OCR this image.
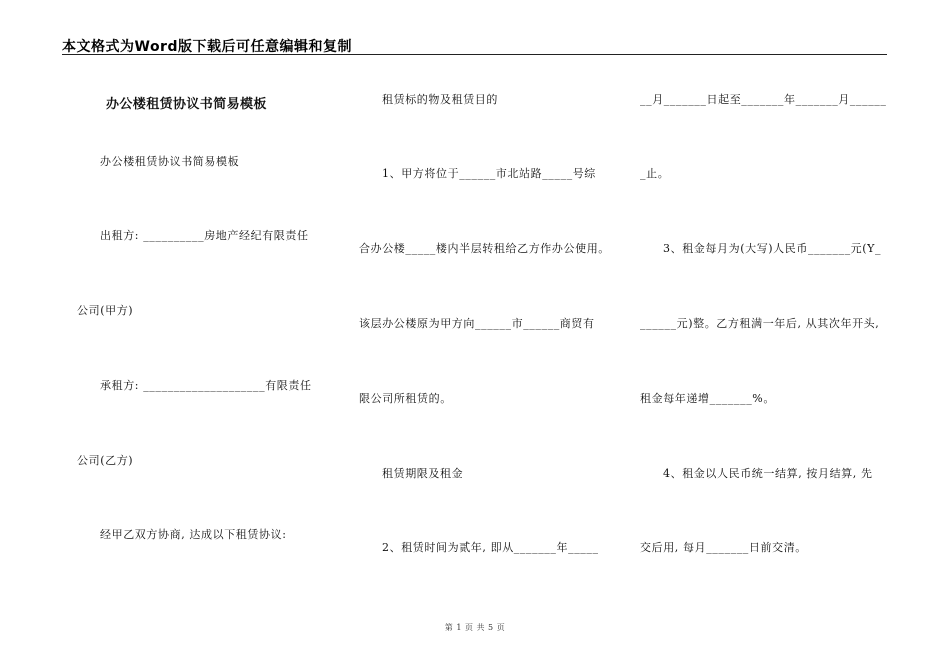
本文格式为Word版下载后可任意编辑和复制
办公楼租赁协议书简易模板
办公楼租赁协议书简易模板
出租方: __________房地产经纪有限责任
公司(甲方)
承租方: ____________________有限责任
公司(乙方)
经甲乙双方协商, 达成以下租赁协议:
租赁标的物及租赁目的
1、甲方将位于______市北站路_____号综
合办公楼_____楼内半层转租给乙方作办公使用。
该层办公楼原为甲方向______市______商贸有
限公司所租赁的。
租赁期限及租金
2、租赁时间为贰年, 即从_______年_____
__月_______日起至_______年_______月______
_止。
3、租金每月为(大写)人民币_______元(Y_
______元)整。乙方租满一年后, 从其次年开头,
租金每年递增_______%。
4、租金以人民币统一结算, 按月结算, 先
交后用, 每月_______日前交清。
第 1 页 共 5 页
